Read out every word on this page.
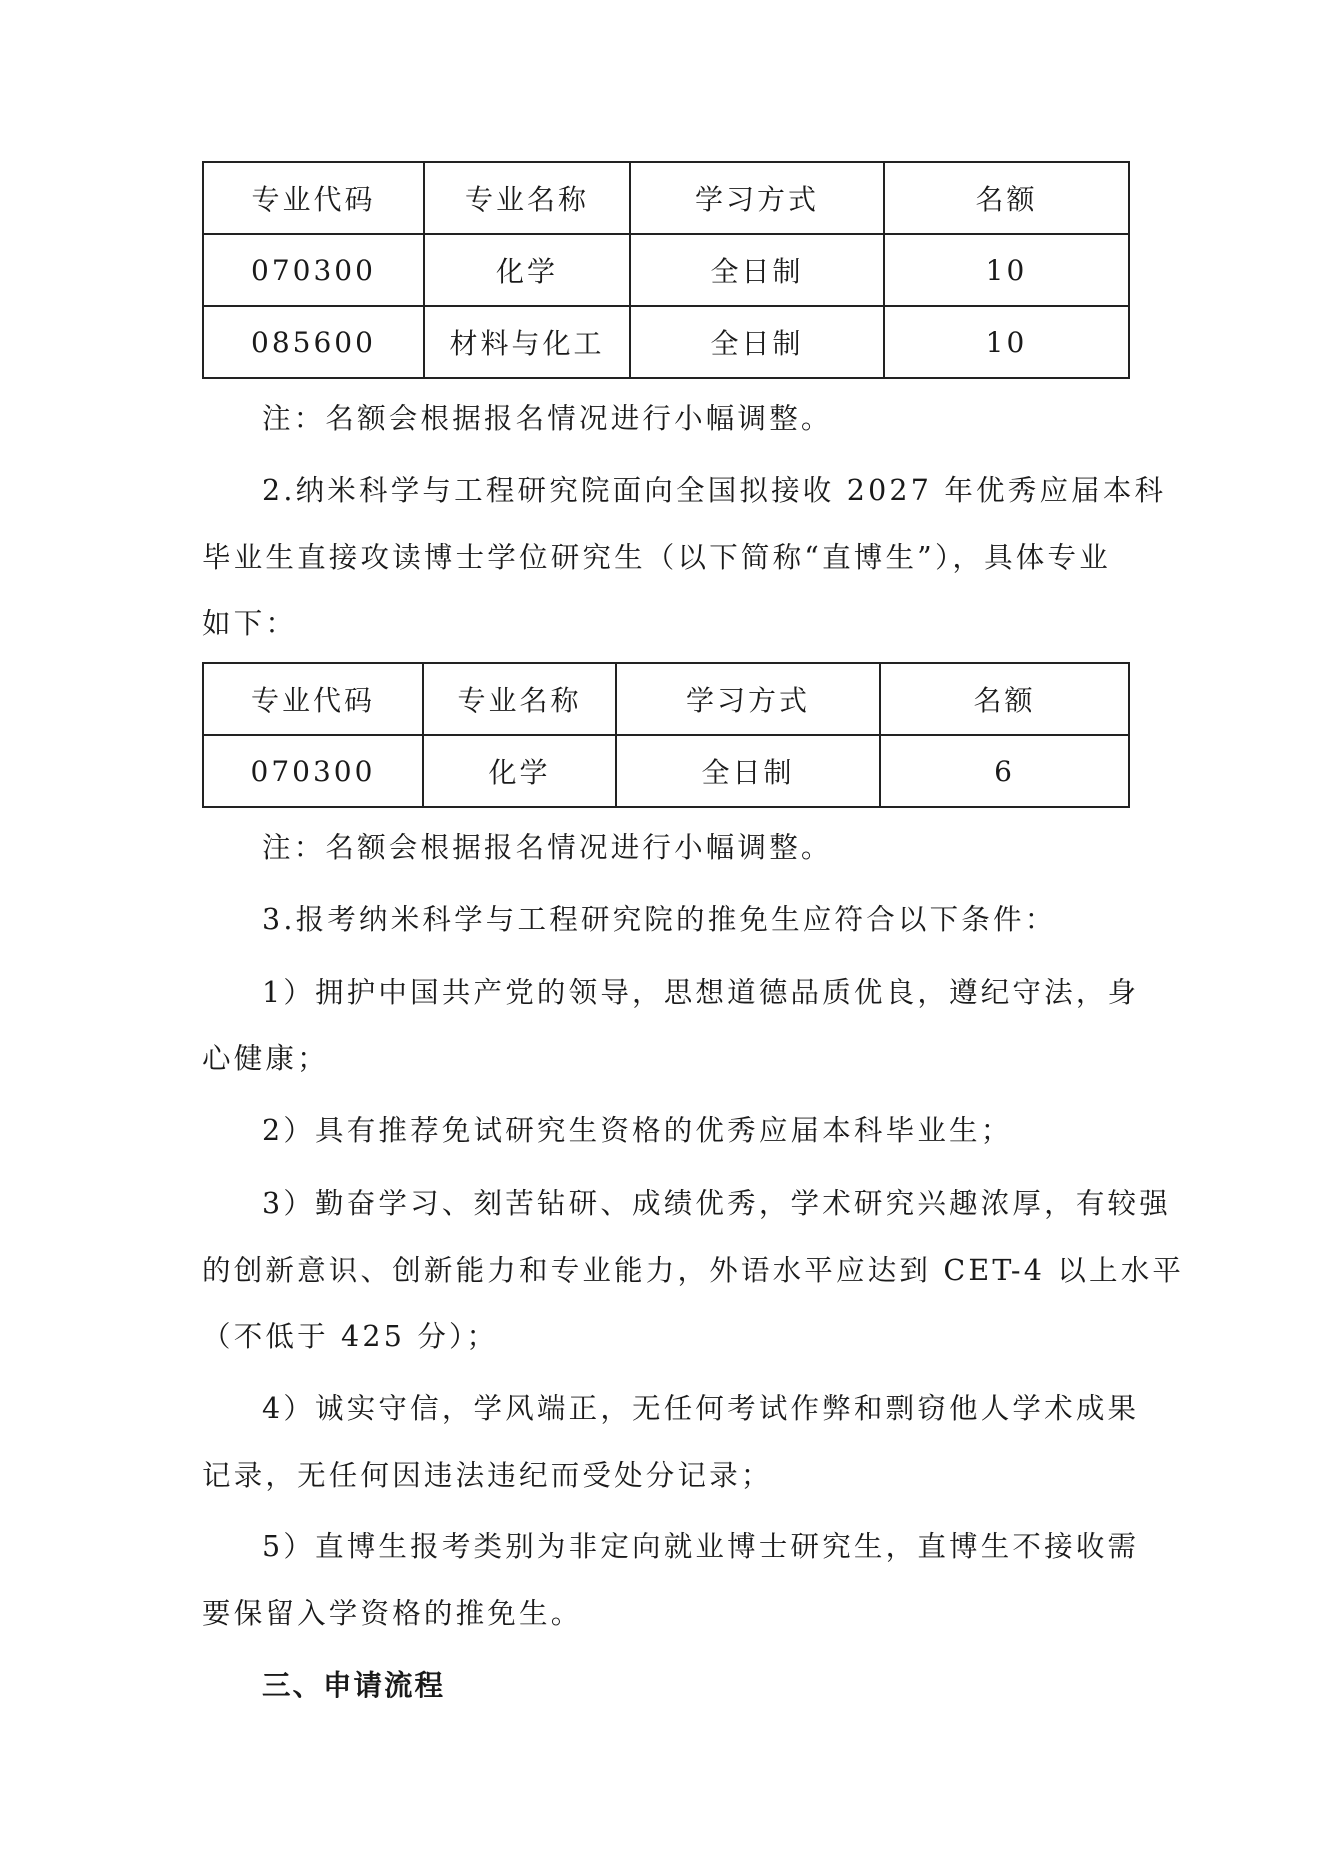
专业代码	专业名称	学习方式	名额
070300	化学	全日制	10
085600	材料与化工	全日制	10
注：名额会根据报名情况进行小幅调整。
2.纳米科学与工程研究院面向全国拟接收 2027 年优秀应届本科
毕业生直接攻读博士学位研究生（以下简称“直博生”），具体专业
如下：
专业代码	专业名称	学习方式	名额
070300	化学	全日制	6
注：名额会根据报名情况进行小幅调整。
3.报考纳米科学与工程研究院的推免生应符合以下条件：
1）拥护中国共产党的领导，思想道德品质优良，遵纪守法，身
心健康；
2）具有推荐免试研究生资格的优秀应届本科毕业生；
3）勤奋学习、刻苦钻研、成绩优秀，学术研究兴趣浓厚，有较强
的创新意识、创新能力和专业能力，外语水平应达到 CET-4 以上水平
（不低于 425 分）；
4）诚实守信，学风端正，无任何考试作弊和剽窃他人学术成果
记录，无任何因违法违纪而受处分记录；
5）直博生报考类别为非定向就业博士研究生，直博生不接收需
要保留入学资格的推免生。
三、申请流程
